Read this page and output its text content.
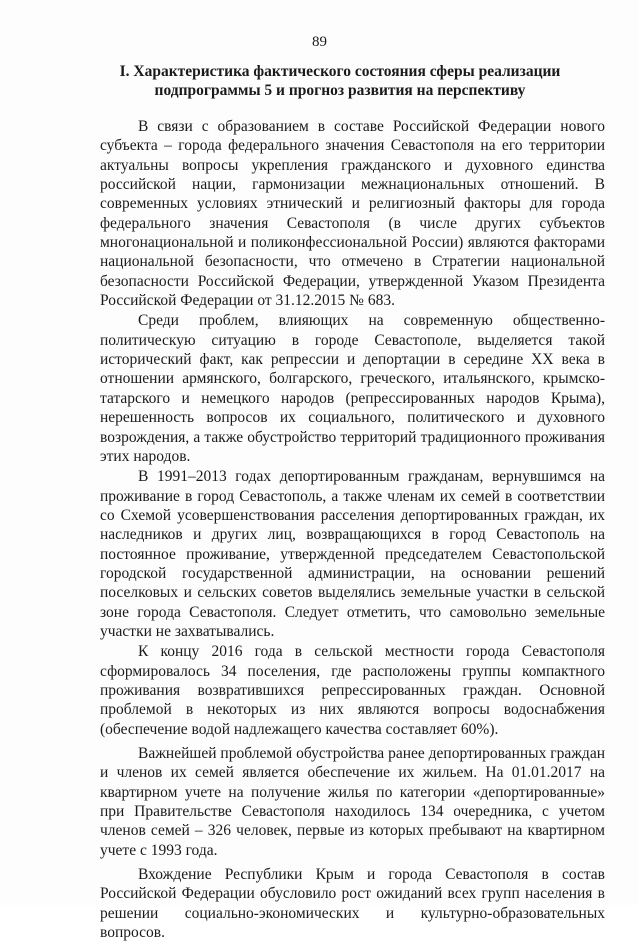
89
I. Характеристика фактического состояния сферы реализации подпрограммы 5 и прогноз развития на перспективу

В связи с образованием в составе Российской Федерации нового субъекта – города федерального значения Севастополя на его территории актуальны вопросы укрепления гражданского и духовного единства российской нации, гармонизации межнациональных отношений. В современных условиях этнический и религиозный факторы для города федерального значения Севастополя (в числе других субъектов многонациональной и поликонфессиональной России) являются факторами национальной безопасности, что отмечено в Стратегии национальной безопасности Российской Федерации, утвержденной Указом Президента Российской Федерации от 31.12.2015 № 683.

Среди проблем, влияющих на современную общественно-политическую ситуацию в городе Севастополе, выделяется такой исторический факт, как репрессии и депортации в середине XX века в отношении армянского, болгарского, греческого, итальянского, крымско-татарского и немецкого народов (репрессированных народов Крыма), нерешенность вопросов их социального, политического и духовного возрождения, а также обустройство территорий традиционного проживания этих народов.

В 1991–2013 годах депортированным гражданам, вернувшимся на проживание в город Севастополь, а также членам их семей в соответствии со Схемой усовершенствования расселения депортированных граждан, их наследников и других лиц, возвращающихся в город Севастополь на постоянное проживание, утвержденной председателем Севастопольской городской государственной администрации, на основании решений поселковых и сельских советов выделялись земельные участки в сельской зоне города Севастополя. Следует отметить, что самовольно земельные участки не захватывались.

К концу 2016 года в сельской местности города Севастополя сформировалось 34 поселения, где расположены группы компактного проживания возвратившихся репрессированных граждан. Основной проблемой в некоторых из них являются вопросы водоснабжения (обеспечение водой надлежащего качества составляет 60%).

Важнейшей проблемой обустройства ранее депортированных граждан и членов их семей является обеспечение их жильем. На 01.01.2017 на квартирном учете на получение жилья по категории «депортированные» при Правительстве Севастополя находилось 134 очередника, с учетом членов семей – 326 человек, первые из которых пребывают на квартирном учете с 1993 года.

Вхождение Республики Крым и города Севастополя в состав Российской Федерации обусловило рост ожиданий всех групп населения в решении социально-экономических и культурно-образовательных вопросов.
